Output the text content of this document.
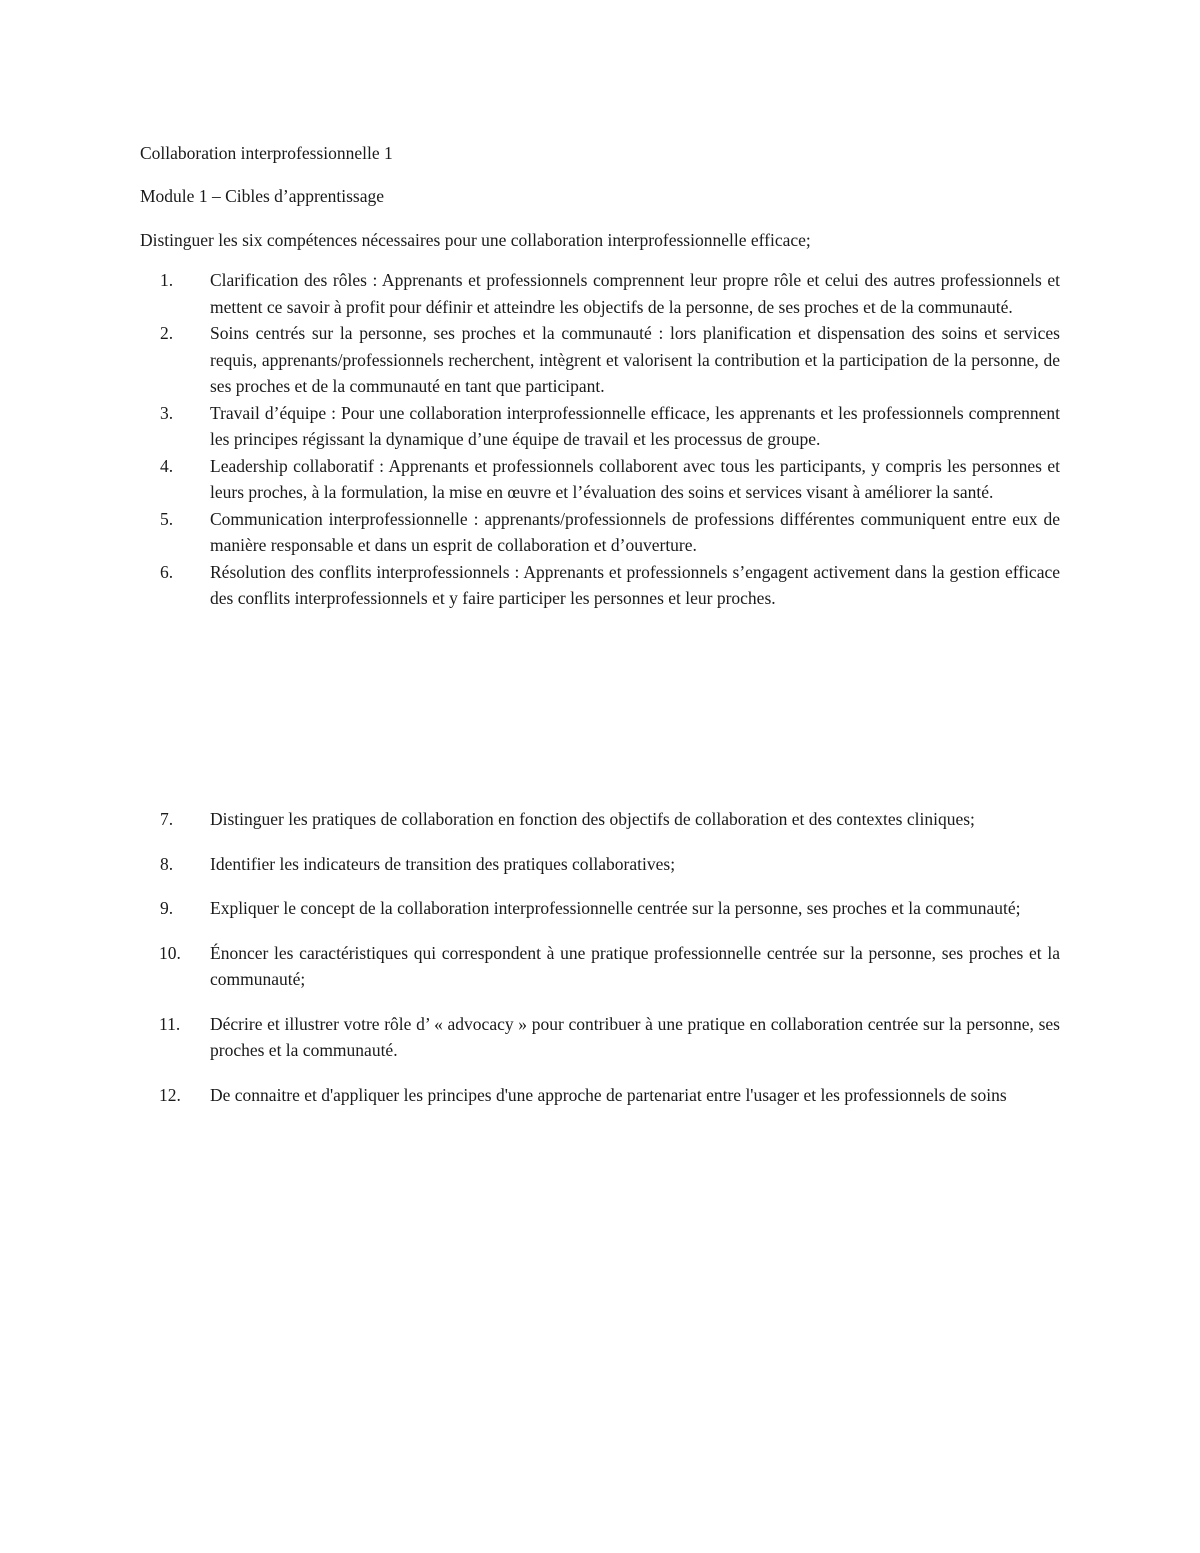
Collaboration interprofessionnelle 1

Module 1 – Cibles d’apprentissage

Distinguer les six compétences nécessaires pour une collaboration interprofessionnelle efficace;

1.	Clarification des rôles : Apprenants et professionnels comprennent leur propre rôle et celui des autres professionnels et mettent ce savoir à profit pour définir et atteindre les objectifs de la personne, de ses proches et de la communauté.
2.	Soins centrés sur la personne, ses proches et la communauté : lors planification et dispensation des soins et services requis, apprenants/professionnels recherchent, intègrent et valorisent la contribution et la participation de la personne, de ses proches et de la communauté en tant que participant.
3.	Travail d’équipe : Pour une collaboration interprofessionnelle efficace, les apprenants et les professionnels comprennent les principes régissant la dynamique d’une équipe de travail et les processus de groupe.
4.	Leadership collaboratif : Apprenants et professionnels collaborent avec tous les participants, y compris les personnes et leurs proches, à la formulation, la mise en œuvre et l’évaluation des soins et services visant à améliorer la santé.
5.	Communication interprofessionnelle : apprenants/professionnels de professions différentes communiquent entre eux de manière responsable et dans un esprit de collaboration et d’ouverture.
6.	Résolution des conflits interprofessionnels : Apprenants et professionnels s’engagent activement dans la gestion efficace des conflits interprofessionnels et y faire participer les personnes et leur proches.
7.	Distinguer les pratiques de collaboration en fonction des objectifs de collaboration et des contextes cliniques;
8.	Identifier les indicateurs de transition des pratiques collaboratives;
9.	Expliquer le concept de la collaboration interprofessionnelle centrée sur la personne, ses proches et la communauté;
10.	Énoncer les caractéristiques qui correspondent à une pratique professionnelle centrée sur la personne, ses proches et la communauté;
11.	Décrire et illustrer votre rôle d’ « advocacy » pour contribuer à une pratique en collaboration centrée sur la personne, ses proches et la communauté.
12.	De connaitre et d'appliquer les principes d'une approche de partenariat entre l'usager et les professionnels de soins
